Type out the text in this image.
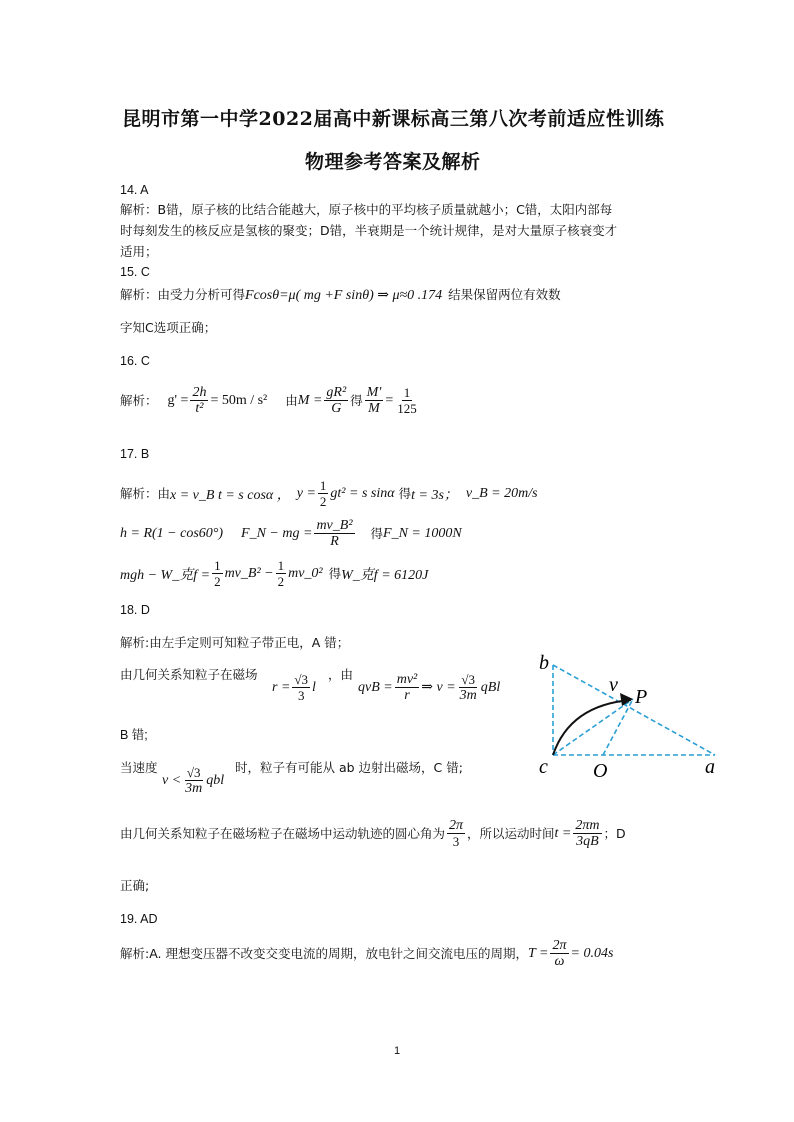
昆明市第一中学2022届高中新课标高三第八次考前适应性训练
物理参考答案及解析
14. A
解析：B错，原子核的比结合能越大，原子核中的平均核子质量就越小；C错，太阳内部每
时每刻发生的核反应是氢核的聚变；D错，半衰期是一个统计规律，是对大量原子核衰变才
适用；
15. C
解析：由受力分析可得 Fcosθ=μ( mg +F sinθ) ⇒ μ≈0 .174 结果保留两位有效数
字知C选项正确；
16. C
解析： $g' = \frac{2h}{\text{t²}} = 50m / s^2$ 由 $M = \frac{\text{gR²}}{G}$ 得 $\frac{M'}{M} = \frac{1}{125}$
17. B
解析：由 x = v_B t = s cosα ， $y = \frac{1}{2} gt^2 = s$ sinα 得 t = 3s； v_B = 20m/s
h = R(1 − cos60°) F_N − mg = $\frac{\text{mv\_B²}}{R}$ 得 F_N = 1000N
mgh − W_克$f = \frac{1}{2}$ mv_B² − $\frac{1}{2}$ mv_0² 得 W_克f = 6120J
18. D
解析:由左手定则可知粒子带正电，A 错；
由几何关系知粒子在磁场
$r = \frac{√3}{3}$ l
，由
qvB = $\frac{\text{mv²}}{r}$ ⇒ $v = \frac{√3}{3m}$ qBl
B 错;
当速度
$v < \frac{√3}{3m}$ qbl
时，粒子有可能从 ab 边射出磁场，C 错;
由几何关系知粒子在磁场粒子在磁场中运动轨迹的圆心角为 $\frac{2\pi}{3}$ ，所以运动时间 $t = \frac{2\pi m}{3qB}$ ；D
正确;
b
v
P
c O	a
19. AD
解析:A. 理想变压器不改变交变电流的周期，放电针之间交流电压的周期， $T = \frac{2\pi}{\omega} = 0.04s$
1
